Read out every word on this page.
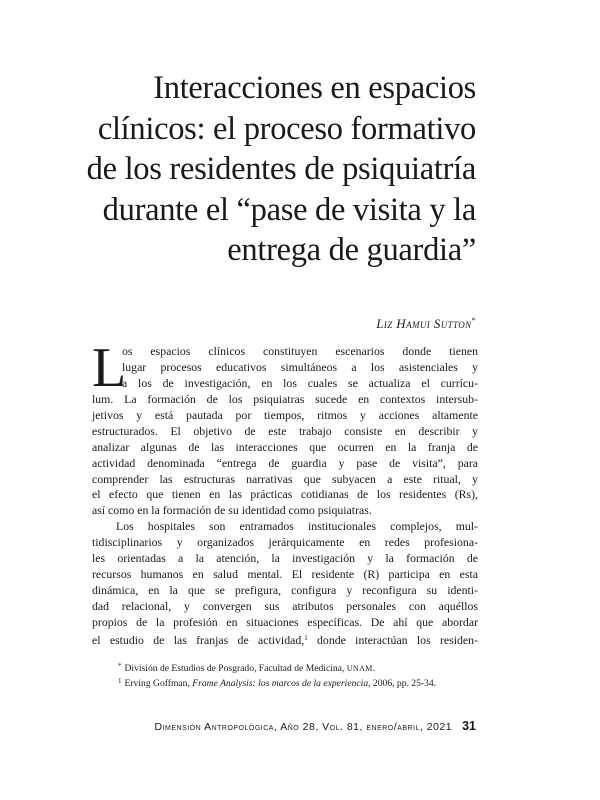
Interacciones en espacios
clínicos: el proceso formativo
de los residentes de psiquiatría
durante el “pase de visita y la
entrega de guardia”
Liz Hamui Sutton*
L
os espacios clínicos constituyen escenarios donde tienen
lugar procesos educativos simultáneos a los asistenciales y
a los de investigación, en los cuales se actualiza el currícu-
lum. La formación de los psiquiatras sucede en contextos intersub-
jetivos y está pautada por tiempos, ritmos y acciones altamente
estructurados. El objetivo de este trabajo consiste en describir y
analizar algunas de las interacciones que ocurren en la franja de
actividad denominada “entrega de guardia y pase de visita”, para
comprender las estructuras narrativas que subyacen a este ritual, y
el efecto que tienen en las prácticas cotidianas de los residentes (Rs),
así como en la formación de su identidad como psiquiatras.
Los hospitales son entramados institucionales complejos, mul-
tidisciplinarios y organizados jerárquicamente en redes profesiona-
les orientadas a la atención, la investigación y la formación de
recursos humanos en salud mental. El residente (R) participa en esta
dinámica, en la que se prefigura, configura y reconfigura su identi-
dad relacional, y convergen sus atributos personales con aquéllos
propios de la profesión en situaciones específicas. De ahí que abordar
el estudio de las franjas de actividad,$^1$ donde interactúan los residen-
* División de Estudios de Posgrado, Facultad de Medicina, UNAM.
$^1$ Erving Goffman, Frame Analysis: los marcos de la experiencia, 2006, pp. 25-34.
Dimensión Antropológica, Año 28, Vol. 81, enero/abril, 2021 31
